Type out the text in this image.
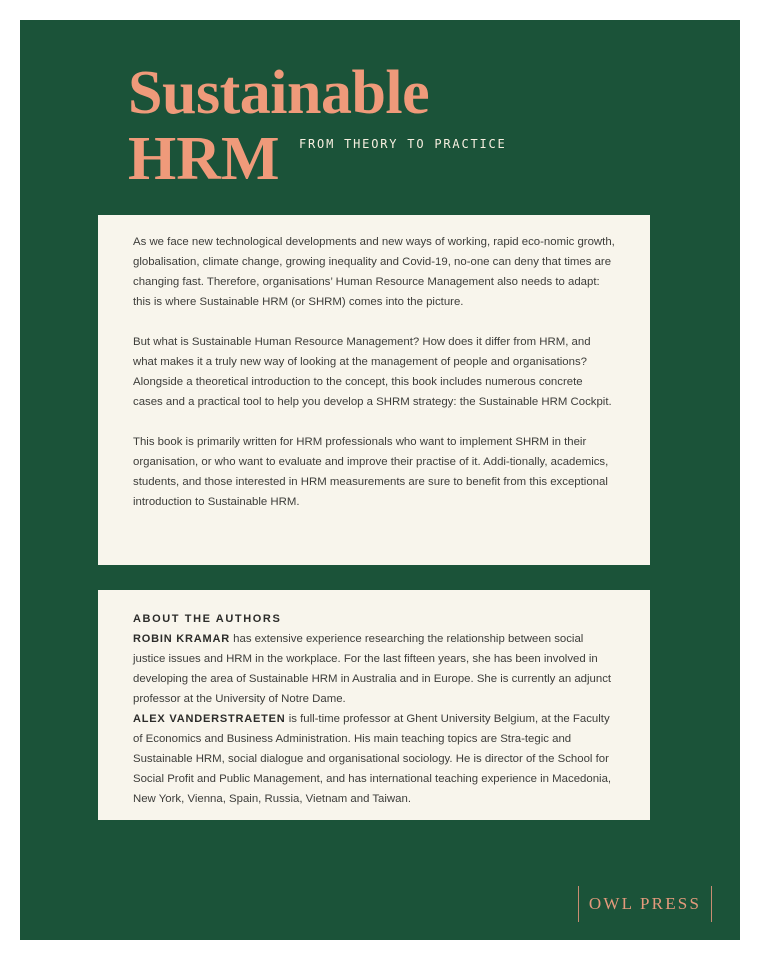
Sustainable
HRM FROM THEORY TO PRACTICE

As we face new technological developments and new ways of working, rapid eco-nomic growth, globalisation, climate change, growing inequality and Covid-19, no-one can deny that times are changing fast. Therefore, organisations’ Human Resource Management also needs to adapt: this is where Sustainable HRM (or SHRM) comes into the picture.

But what is Sustainable Human Resource Management? How does it differ from HRM, and what makes it a truly new way of looking at the management of people and organisations? Alongside a theoretical introduction to the concept, this book includes numerous concrete cases and a practical tool to help you develop a SHRM strategy: the Sustainable HRM Cockpit.

This book is primarily written for HRM professionals who want to implement SHRM in their organisation, or who want to evaluate and improve their practise of it. Addi-tionally, academics, students, and those interested in HRM measurements are sure to benefit from this exceptional introduction to Sustainable HRM.

ABOUT THE AUTHORS

ROBIN KRAMAR has extensive experience researching the relationship between social justice issues and HRM in the workplace. For the last fifteen years, she has been involved in developing the area of Sustainable HRM in Australia and in Europe. She is currently an adjunct professor at the University of Notre Dame.

ALEX VANDERSTRAETEN is full-time professor at Ghent University Belgium, at the Faculty of Economics and Business Administration. His main teaching topics are Stra-tegic and Sustainable HRM, social dialogue and organisational sociology. He is director of the School for Social Profit and Public Management, and has international teaching experience in Macedonia, New York, Vienna, Spain, Russia, Vietnam and Taiwan.

OWL PRESS
